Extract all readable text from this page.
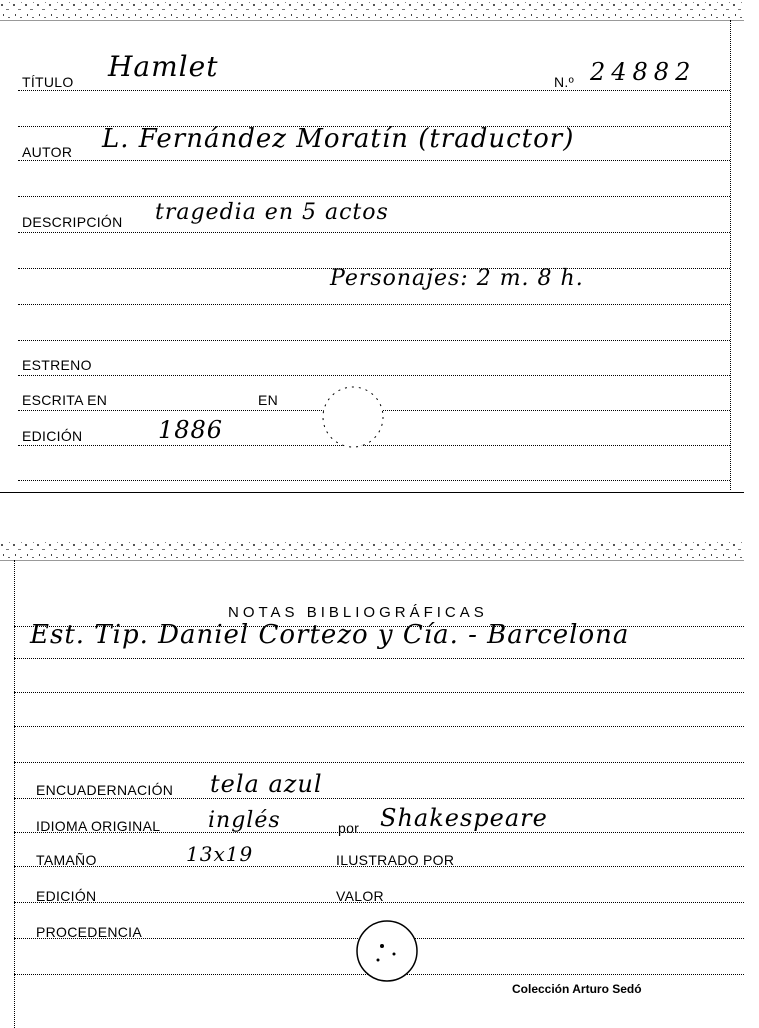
TÍTULO Hamlet	N.º 24882
AUTOR L. Fernández Moratín (traductor)
DESCRIPCIÓN tragedia en 5 actos
Personajes: 2 m. 8 h.
ESTRENO
ESCRITA EN	EN
EDICIÓN	1886
NOTAS BIBLIOGRÁFICAS
Est. Tip. Daniel Cortezo y Cía. - Barcelona
ENCUADERNACIÓN tela azul
IDIOMA ORIGINAL inglés	por Shakespeare
TAMAÑO	13x19	ILUSTRADO POR
EDICIÓN	VALOR
PROCEDENCIA
Colección Arturo Sedó
